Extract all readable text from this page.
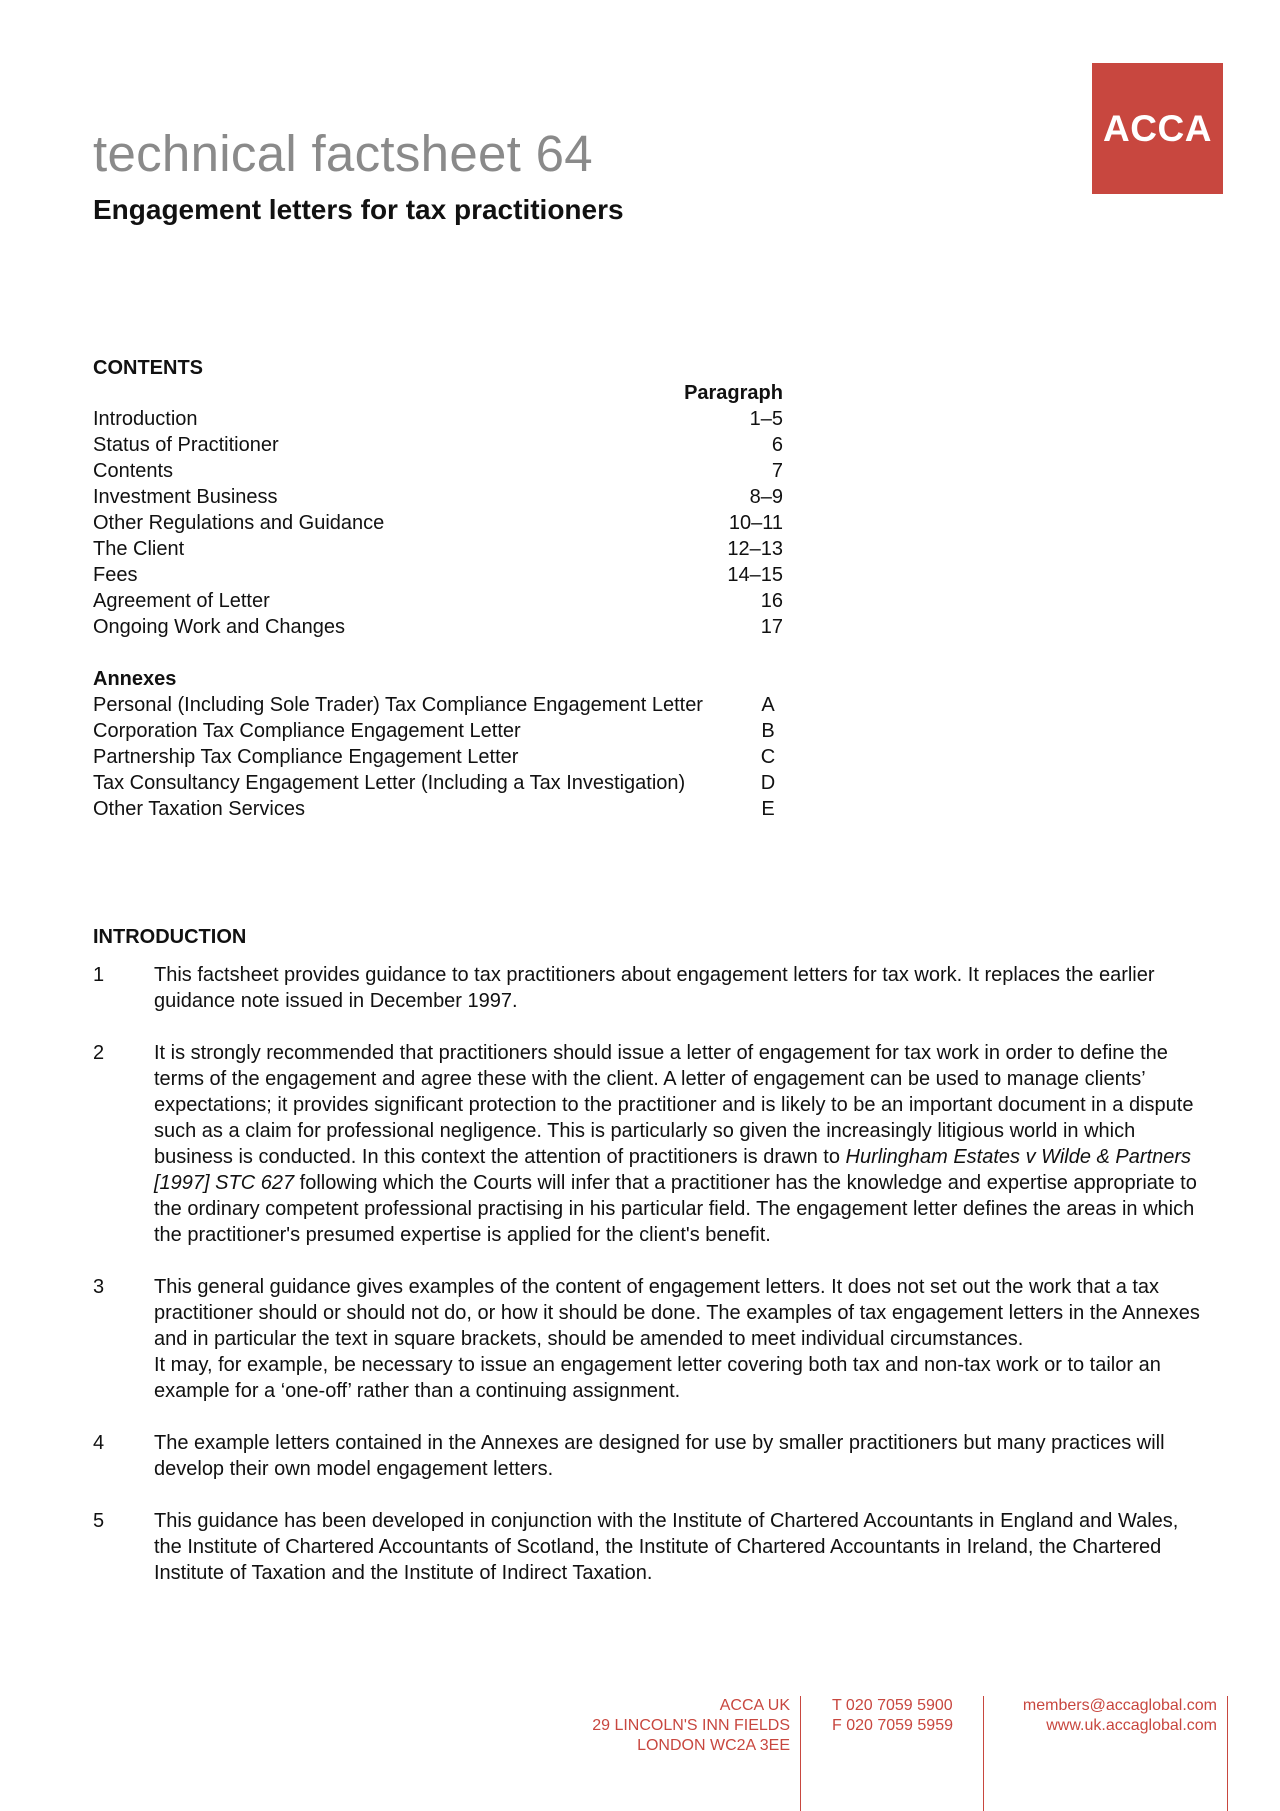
technical factsheet 64
Engagement letters for tax practitioners
ACCA
CONTENTS
Paragraph
Introduction	1–5
Status of Practitioner	6
Contents	7
Investment Business	8–9
Other Regulations and Guidance	10–11
The Client	12–13
Fees	14–15
Agreement of Letter	16
Ongoing Work and Changes	17
Annexes
Personal (Including Sole Trader) Tax Compliance Engagement Letter	A
Corporation Tax Compliance Engagement Letter	B
Partnership Tax Compliance Engagement Letter	C
Tax Consultancy Engagement Letter (Including a Tax Investigation)	D
Other Taxation Services	E
INTRODUCTION
1	This factsheet provides guidance to tax practitioners about engagement letters for tax work. It replaces the earlier guidance note issued in December 1997.

2	It is strongly recommended that practitioners should issue a letter of engagement for tax work in order to define the terms of the engagement and agree these with the client. A letter of engagement can be used to manage clients’ expectations; it provides significant protection to the practitioner and is likely to be an important document in a dispute such as a claim for professional negligence. This is particularly so given the increasingly litigious world in which business is conducted. In this context the attention of practitioners is drawn to Hurlingham Estates v Wilde & Partners [1997] STC 627 following which the Courts will infer that a practitioner has the knowledge and expertise appropriate to the ordinary competent professional practising in his particular field. The engagement letter defines the areas in which the practitioner's presumed expertise is applied for the client's benefit.

3	This general guidance gives examples of the content of engagement letters. It does not set out the work that a tax practitioner should or should not do, or how it should be done. The examples of tax engagement letters in the Annexes and in particular the text in square brackets, should be amended to meet individual circumstances.

It may, for example, be necessary to issue an engagement letter covering both tax and non-tax work or to tailor an example for a ‘one-off’ rather than a continuing assignment.

4	The example letters contained in the Annexes are designed for use by smaller practitioners but many practices will develop their own model engagement letters.

5	This guidance has been developed in conjunction with the Institute of Chartered Accountants in England and Wales, the Institute of Chartered Accountants of Scotland, the Institute of Chartered Accountants in Ireland, the Chartered Institute of Taxation and the Institute of Indirect Taxation.

ACCA UK
29 LINCOLN'S INN FIELDS
LONDON WC2A 3EE
T 020 7059 5900
F 020 7059 5959
members@accaglobal.com
www.uk.accaglobal.com
